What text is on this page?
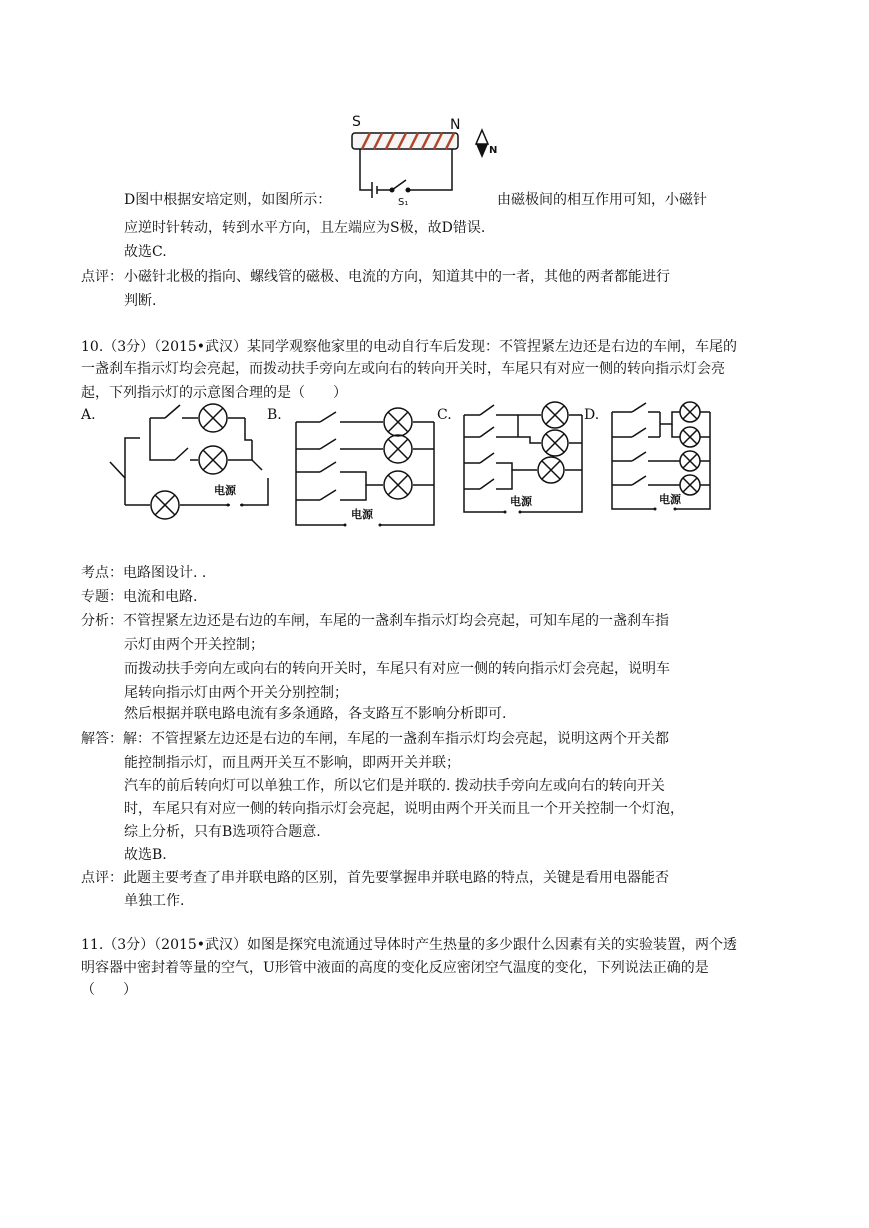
S	N
N
S₁
D图中根据安培定则，如图所示：	由磁极间的相互作用可知，小磁针
应逆时针转动，转到水平方向，且左端应为S极，故D错误.
故选C.
点评： 小磁针北极的指向、螺线管的磁极、电流的方向，知道其中的一者，其他的两者都能进行
判断.
10.（3分）（2015•武汉）某同学观察他家里的电动自行车后发现：不管捏紧左边还是右边的车闸，车尾的
一盏刹车指示灯均会亮起，而拨动扶手旁向左或向右的转向开关时，车尾只有对应一侧的转向指示灯会亮
起，下列指示灯的示意图合理的是（　　）
A.	B.	C.	D.
电源
电源
电源	电源
考点：电路图设计. .
专题：电流和电路.
分析：不管捏紧左边还是右边的车闸，车尾的一盏刹车指示灯均会亮起，可知车尾的一盏刹车指
示灯由两个开关控制；
而拨动扶手旁向左或向右的转向开关时，车尾只有对应一侧的转向指示灯会亮起，说明车
尾转向指示灯由两个开关分别控制；
然后根据并联电路电流有多条通路，各支路互不影响分析即可.
解答：解：不管捏紧左边还是右边的车闸，车尾的一盏刹车指示灯均会亮起，说明这两个开关都
能控制指示灯，而且两开关互不影响，即两开关并联；
汽车的前后转向灯可以单独工作，所以它们是并联的. 拨动扶手旁向左或向右的转向开关
时，车尾只有对应一侧的转向指示灯会亮起，说明由两个开关而且一个开关控制一个灯泡，
综上分析，只有B选项符合题意.
故选B.
点评：此题主要考查了串并联电路的区别，首先要掌握串并联电路的特点，关键是看用电器能否
单独工作.
11.（3分）（2015•武汉）如图是探究电流通过导体时产生热量的多少跟什么因素有关的实验装置，两个透
明容器中密封着等量的空气，U形管中液面的高度的变化反应密闭空气温度的变化，下列说法正确的是
（　　）
